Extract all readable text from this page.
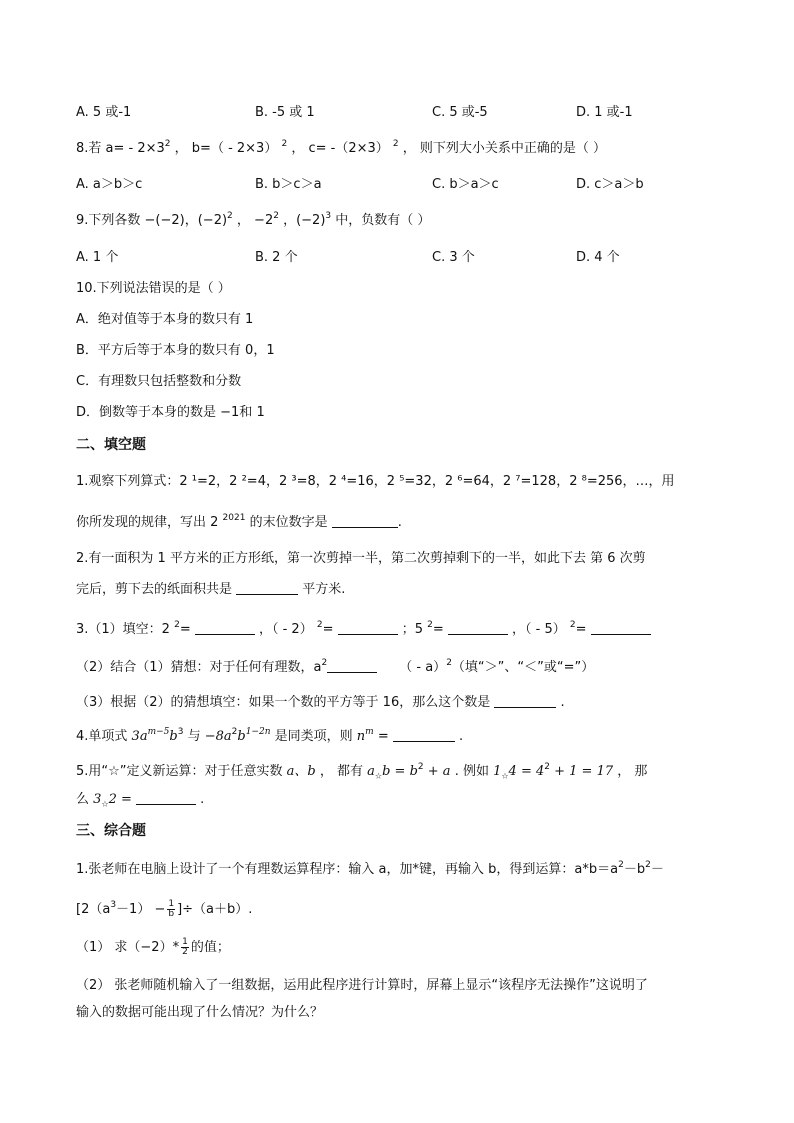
A. 5 或-1	B. -5 或 1	C. 5 或-5	D. 1 或-1
8.若 $a= - 2\times 3^2$ ， b=（ - 2×3） $^2$ ， c= -（2×3） $^2$ ， 则下列大小关系中正确的是（ ）
A. a＞b＞c	B. b＞c＞a	C. b＞a＞c	D. c＞a＞b
9.下列各数 −(−2)，$(-2)^2$ ， $-2^2$ ，$(-2)^3$ 中，负数有（ ）
A. 1 个	B. 2 个	C. 3 个	D. 4 个
10.下列说法错误的是（ ）
A．绝对值等于本身的数只有 1
B．平方后等于本身的数只有 0，1
C．有理数只包括整数和分数
D．倒数等于本身的数是 −1和 1
二、填空题
1.观察下列算式：2 ¹=2，2 ²=4，2 ³=8，2 ⁴=16，2 ⁵=32，2 ⁶=64，2 ⁷=128，2 ⁸=256，…，用
你所发现的规律，写出 2 $^{2021}$ 的末位数字是	.
2.有一面积为 1 平方米的正方形纸，第一次剪掉一半，第二次剪掉剩下的一半，如此下去 第 6 次剪
完后，剪下去的纸面积共是	平方米.
3.（1）填空：2 $^2$=	，（ - 2） $^2$=	；5 $^2$=	，（ - 5） $^2$=
（2）结合（1）猜想：对于任何有理数，$a^2$	（ - a）$^2$（填“＞”、“＜”或“=”）
（3）根据（2）的猜想填空：如果一个数的平方等于 16，那么这个数是	.
4.单项式 $3a^{m-5}b^3$ 与 $-8a^2b^{1-2n}$ 是同类项，则 $n^m$ =	.
5.用“☆”定义新运算：对于任意实数 a、b ， 都有 $a_☆b = b^2 + a$ . 例如 $1_☆4 = 4^2 + 1 = 17$ ， 那
么 $3_☆2$ =	.
三、综合题
1.张老师在电脑上设计了一个有理数运算程序：输入 a，加*键，再输入 b，得到运算：$a*b=a^2-b^2-$
$[2(a^3-1) - \frac{1}{b} ]\div(a+b)$.
（1） 求$(-2)* \frac{1}{2}$ 的值；
（2） 张老师随机输入了一组数据，运用此程序进行计算时，屏幕上显示“该程序无法操作”这说明了
输入的数据可能出现了什么情况？为什么？
